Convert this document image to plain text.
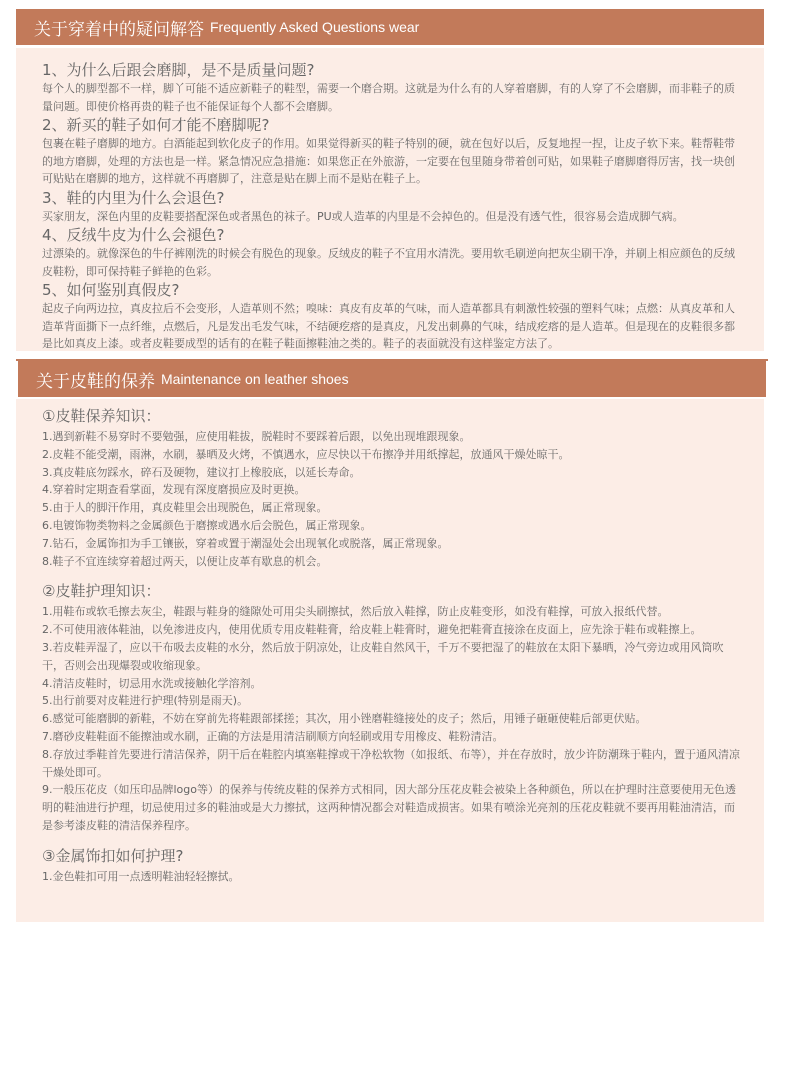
关于穿着中的疑问解答 Frequently Asked Questions wear

1、为什么后跟会磨脚，是不是质量问题?

每个人的脚型都不一样，脚丫可能不适应新鞋子的鞋型，需要一个磨合期。这就是为什么有的人穿着磨脚，有的人穿了不会磨脚，而非鞋子的质量问题。即使价格再贵的鞋子也不能保证每个人都不会磨脚。

2、新买的鞋子如何才能不磨脚呢?

包裹在鞋子磨脚的地方。白酒能起到软化皮子的作用。如果觉得新买的鞋子特别的硬，就在包好以后，反复地捏一捏，让皮子软下来。鞋帮鞋带的地方磨脚，处理的方法也是一样。紧急情况应急措施：如果您正在外旅游，一定要在包里随身带着创可贴，如果鞋子磨脚磨得厉害，找一块创可贴贴在磨脚的地方，这样就不再磨脚了，注意是贴在脚上而不是贴在鞋子上。

3、鞋的内里为什么会退色?

买家朋友，深色内里的皮鞋要搭配深色或者黑色的袜子。PU或人造革的内里是不会掉色的。但是没有透气性，很容易会造成脚气病。

4、反绒牛皮为什么会褪色?

过漂染的。就像深色的牛仔裤刚洗的时候会有脱色的现象。反绒皮的鞋子不宜用水清洗。要用软毛刷逆向把灰尘刷干净，并刷上相应颜色的反绒皮鞋粉，即可保持鞋子鲜艳的色彩。

5、如何鉴别真假皮?

起皮子向两边拉，真皮拉后不会变形，人造革则不然；嗅味：真皮有皮革的气味，而人造革都具有刺激性较强的塑料气味；点燃：从真皮革和人造革背面撕下一点纤维，点燃后，凡是发出毛发气味，不结硬疙瘩的是真皮，凡发出刺鼻的气味，结成疙瘩的是人造革。但是现在的皮鞋很多都是比如真皮上漆。或者皮鞋要成型的话有的在鞋子鞋面擦鞋油之类的。鞋子的表面就没有这样鉴定方法了。

关于皮鞋的保养 Maintenance on leather shoes

①皮鞋保养知识：

1.遇到新鞋不易穿时不要勉强，应使用鞋拔，脱鞋时不要踩着后跟，以免出现堆跟现象。

2.皮鞋不能受潮，雨淋，水刷，暴晒及火烤，不慎遇水，应尽快以干布擦净并用纸撑起，放通风干燥处晾干。

3.真皮鞋底勿踩水，碎石及硬物，建议打上橡胶底，以延长寿命。

4.穿着时定期查看掌面，发现有深度磨损应及时更换。

5.由于人的脚汗作用，真皮鞋里会出现脱色，属正常现象。

6.电镀饰物类物料之金属颜色于磨擦或遇水后会脱色，属正常现象。

7.钻石，金属饰扣为手工镶嵌，穿着或置于潮湿处会出现氧化或脱落，属正常现象。

8.鞋子不宜连续穿着超过两天，以便让皮革有歇息的机会。

②皮鞋护理知识：

1.用鞋布或软毛擦去灰尘，鞋跟与鞋身的缝隙处可用尖头刷擦拭，然后放入鞋撑，防止皮鞋变形，如没有鞋撑，可放入报纸代替。

2.不可使用液体鞋油，以免渗进皮内，使用优质专用皮鞋鞋膏，给皮鞋上鞋膏时，避免把鞋膏直接涂在皮面上，应先涂于鞋布或鞋擦上。

3.若皮鞋弄湿了，应以干布吸去皮鞋的水分，然后放于阴凉处，让皮鞋自然风干，千万不要把湿了的鞋放在太阳下暴晒，冷气旁边或用风筒吹干，否则会出现爆裂或收缩现象。

4.清洁皮鞋时，切忌用水洗或接触化学溶剂。

5.出行前要对皮鞋进行护理(特别是雨天)。

6.感觉可能磨脚的新鞋，不妨在穿前先将鞋跟部揉搓；其次，用小锉磨鞋缝接处的皮子；然后，用锤子砸砸使鞋后部更伏贴。

7.磨砂皮鞋鞋面不能擦油或水刷，正确的方法是用清洁刷顺方向轻刷或用专用橡皮、鞋粉清洁。

8.存放过季鞋首先要进行清洁保养，阴干后在鞋腔内填塞鞋撑或干净松软物（如报纸、布等），并在存放时，放少许防潮珠于鞋内，置于通风清凉干燥处即可。

9.一般压花皮（如压印品牌logo等）的保养与传统皮鞋的保养方式相同，因大部分压花皮鞋会被染上各种颜色，所以在护理时注意要使用无色透明的鞋油进行护理，切忌使用过多的鞋油或是大力擦拭，这两种情况都会对鞋造成损害。如果有喷涂光亮剂的压花皮鞋就不要再用鞋油清洁，而是参考漆皮鞋的清洁保养程序。

③金属饰扣如何护理?

1.金色鞋扣可用一点透明鞋油轻轻擦拭。
